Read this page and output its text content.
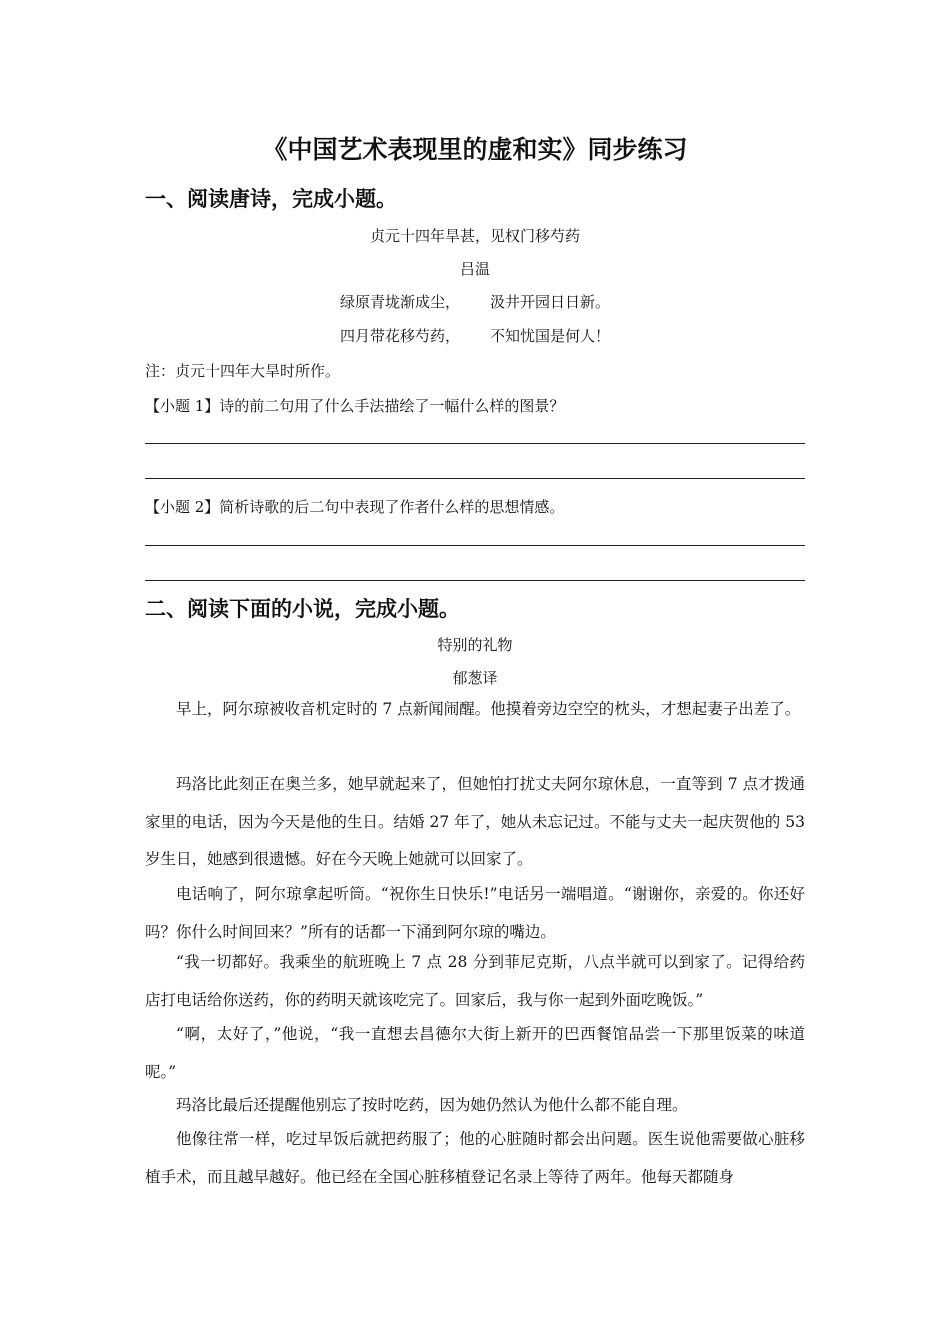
《中国艺术表现里的虚和实》同步练习
一、阅读唐诗，完成小题。
贞元十四年旱甚，见权门移芍药
吕温
绿原青垅渐成尘， 汲井开园日日新。
四月带花移芍药， 不知忧国是何人！
注：贞元十四年大旱时所作。
【小题 1】诗的前二句用了什么手法描绘了一幅什么样的图景？
【小题 2】简析诗歌的后二句中表现了作者什么样的思想情感。
二、阅读下面的小说，完成小题。
特别的礼物
郁葱译

早上，阿尔琼被收音机定时的 7 点新闻闹醒。他摸着旁边空空的枕头，才想起妻子出差了。

玛洛比此刻正在奥兰多，她早就起来了，但她怕打扰丈夫阿尔琼休息，一直等到 7 点才拨通家里的电话，因为今天是他的生日。结婚 27 年了，她从未忘记过。不能与丈夫一起庆贺他的 53 岁生日，她感到很遗憾。好在今天晚上她就可以回家了。

电话响了，阿尔琼拿起听筒。“祝你生日快乐!”电话另一端唱道。“谢谢你，亲爱的。你还好吗？你什么时间回来？”所有的话都一下涌到阿尔琼的嘴边。

“我一切都好。我乘坐的航班晚上 7 点 28 分到菲尼克斯，八点半就可以到家了。记得给药店打电话给你送药，你的药明天就该吃完了。回家后，我与你一起到外面吃晚饭。”

“啊，太好了，”他说，“我一直想去昌德尔大街上新开的巴西餐馆品尝一下那里饭菜的味道呢。”

玛洛比最后还提醒他别忘了按时吃药，因为她仍然认为他什么都不能自理。

他像往常一样，吃过早饭后就把药服了；他的心脏随时都会出问题。医生说他需要做心脏移植手术，而且越早越好。他已经在全国心脏移植登记名录上等待了两年。他每天都随身
